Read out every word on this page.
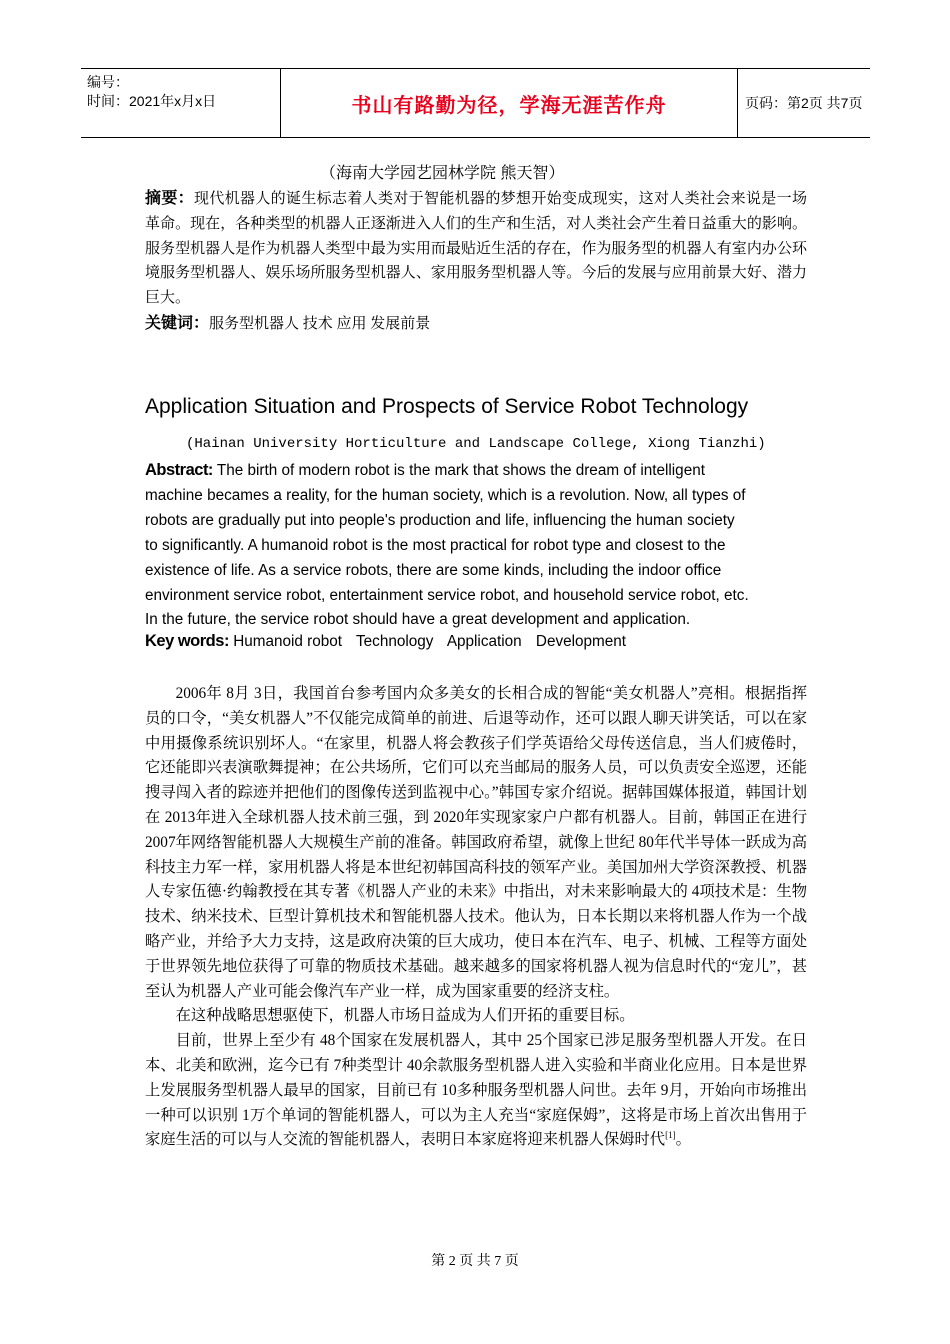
编号：
时间：2021年x月x日	书山有路勤为径，学海无涯苦作舟	页码：第2页 共7页
（海南大学园艺园林学院 熊天智）
摘要：现代机器人的诞生标志着人类对于智能机器的梦想开始变成现实，这对人类社会来说是一场革命。现在，各种类型的机器人正逐渐进入人们的生产和生活，对人类社会产生着日益重大的影响。服务型机器人是作为机器人类型中最为实用而最贴近生活的存在，作为服务型的机器人有室内办公环境服务型机器人、娱乐场所服务型机器人、家用服务型机器人等。今后的发展与应用前景大好、潜力巨大。
关键词：服务型机器人 技术 应用 发展前景
Application Situation and Prospects of Service Robot Technology
(Hainan University Horticulture and Landscape College, Xiong Tianzhi)
Abstract: The birth of modern robot is the mark that shows the dream of intelligent
machine becames a reality, for the human society, which is a revolution. Now, all types of
robots are gradually put into people's production and life, influencing the human society
to significantly. A humanoid robot is the most practical for robot type and closest to the
existence of life. As a service robots, there are some kinds, including the indoor office
environment service robot, entertainment service robot, and household service robot, etc.
In the future, the service robot should have a great development and application.
Key words: Humanoid robot Technology Application Development

2006年 8月 3日，我国首台参考国内众多美女的长相合成的智能“美女机器人”亮相。根据指挥员的口令，“美女机器人”不仅能完成简单的前进、后退等动作，还可以跟人聊天讲笑话，可以在家中用摄像系统识别坏人。“在家里，机器人将会教孩子们学英语给父母传送信息，当人们疲倦时，它还能即兴表演歌舞提神；在公共场所，它们可以充当邮局的服务人员，可以负责安全巡逻，还能搜寻闯入者的踪迹并把他们的图像传送到监视中心。”韩国专家介绍说。据韩国媒体报道，韩国计划在 2013年进入全球机器人技术前三强，到 2020年实现家家户户都有机器人。目前，韩国正在进行 2007年网络智能机器人大规模生产前的准备。韩国政府希望，就像上世纪 80年代半导体一跃成为高科技主力军一样，家用机器人将是本世纪初韩国高科技的领军产业。美国加州大学资深教授、机器人专家伍德·约翰教授在其专著《机器人产业的未来》中指出，对未来影响最大的 4项技术是：生物技术、纳米技术、巨型计算机技术和智能机器人技术。他认为，日本长期以来将机器人作为一个战略产业，并给予大力支持，这是政府决策的巨大成功，使日本在汽车、电子、机械、工程等方面处于世界领先地位获得了可靠的物质技术基础。越来越多的国家将机器人视为信息时代的“宠儿”，甚至认为机器人产业可能会像汽车产业一样，成为国家重要的经济支柱。

在这种战略思想驱使下，机器人市场日益成为人们开拓的重要目标。

目前，世界上至少有 48个国家在发展机器人，其中 25个国家已涉足服务型机器人开发。在日本、北美和欧洲，迄今已有 7种类型计 40余款服务型机器人进入实验和半商业化应用。日本是世界上发展服务型机器人最早的国家，目前已有 10多种服务型机器人问世。去年 9月，开始向市场推出一种可以识别 1万个单词的智能机器人，可以为主人充当“家庭保姆”，这将是市场上首次出售用于家庭生活的可以与人交流的智能机器人，表明日本家庭将迎来机器人保姆时代[1]。

第 2 页 共 7 页
